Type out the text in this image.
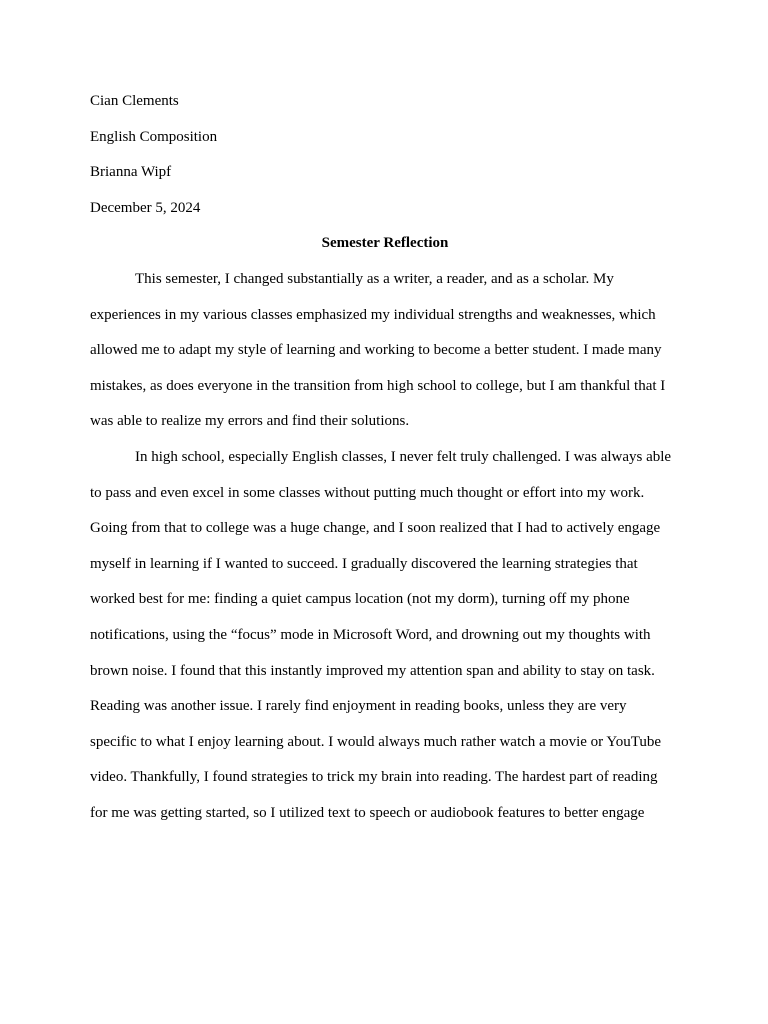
Cian Clements
English Composition
Brianna Wipf
December 5, 2024
Semester Reflection
This semester, I changed substantially as a writer, a reader, and as a scholar. My
experiences in my various classes emphasized my individual strengths and weaknesses, which
allowed me to adapt my style of learning and working to become a better student. I made many
mistakes, as does everyone in the transition from high school to college, but I am thankful that I
was able to realize my errors and find their solutions.
In high school, especially English classes, I never felt truly challenged. I was always able
to pass and even excel in some classes without putting much thought or effort into my work.
Going from that to college was a huge change, and I soon realized that I had to actively engage
myself in learning if I wanted to succeed. I gradually discovered the learning strategies that
worked best for me: finding a quiet campus location (not my dorm), turning off my phone
notifications, using the “focus” mode in Microsoft Word, and drowning out my thoughts with
brown noise. I found that this instantly improved my attention span and ability to stay on task.
Reading was another issue. I rarely find enjoyment in reading books, unless they are very
specific to what I enjoy learning about. I would always much rather watch a movie or YouTube
video. Thankfully, I found strategies to trick my brain into reading. The hardest part of reading
for me was getting started, so I utilized text to speech or audiobook features to better engage
